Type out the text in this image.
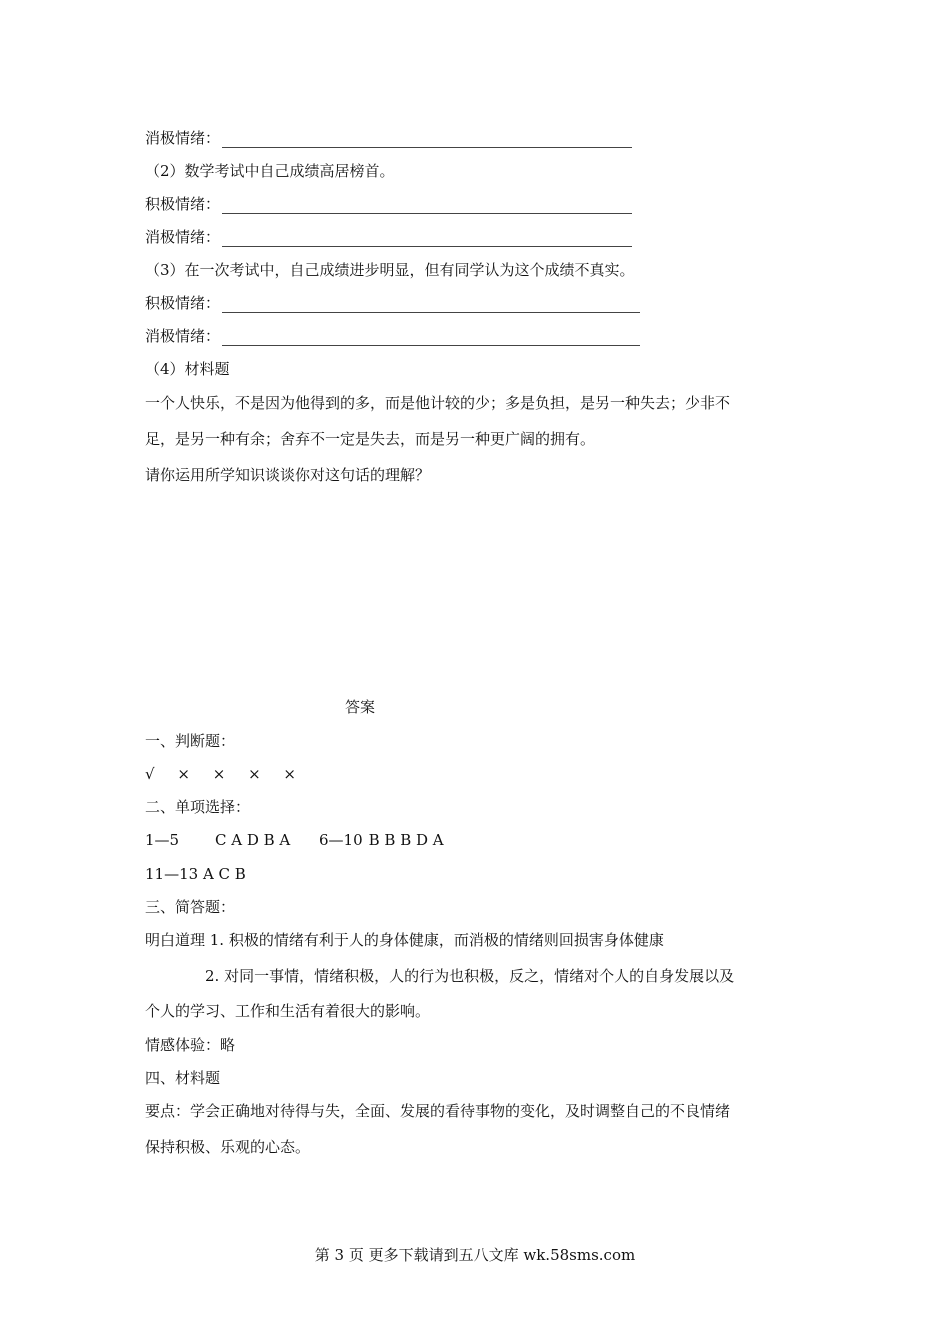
消极情绪：
（2）数学考试中自己成绩高居榜首。
积极情绪：
消极情绪：
（3）在一次考试中，自己成绩进步明显，但有同学认为这个成绩不真实。
积极情绪：
消极情绪：
（4）材料题
一个人快乐，不是因为他得到的多，而是他计较的少；多是负担，是另一种失去；少非不
足，是另一种有余；舍弃不一定是失去，而是另一种更广阔的拥有。
请你运用所学知识谈谈你对这句话的理解？
答案
一、判断题：
√ × × × ×
二、单项选择：
1—5 C A D B A 6—10 B B B D A
11—13 A C B
三、简答题：
明白道理 1. 积极的情绪有利于人的身体健康，而消极的情绪则回损害身体健康
2. 对同一事情，情绪积极，人的行为也积极，反之，情绪对个人的自身发展以及
个人的学习、工作和生活有着很大的影响。
情感体验：略
四、材料题
要点：学会正确地对待得与失，全面、发展的看待事物的变化，及时调整自己的不良情绪
保持积极、乐观的心态。
第 3 页 更多下载请到五八文库 wk.58sms.com
